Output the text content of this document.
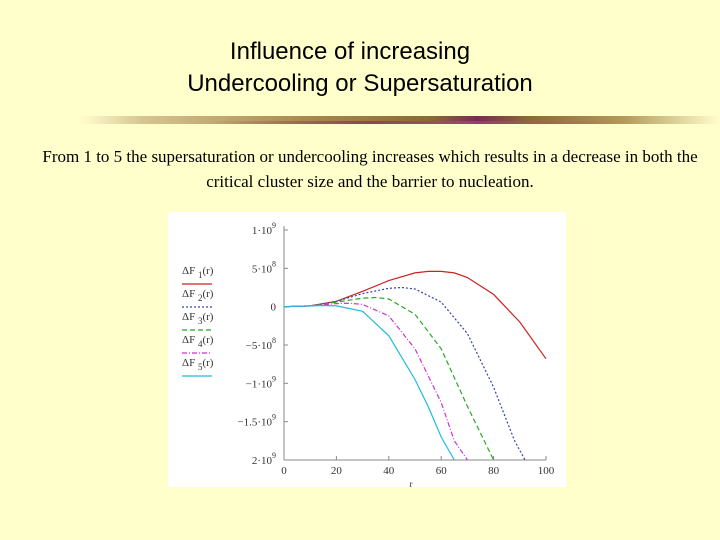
Influence of increasing
Undercooling or Supersaturation
From 1 to 5 the supersaturation or undercooling increases which results in a decrease in both the critical cluster size and the barrier to nucleation.
$1\cdot 10^9$
$5\cdot 10^8$
0
$-5\cdot 10^8$
$-1\cdot 10^9$
$-1.5\cdot 10^9$
$2\cdot 10^9$
0	20	40	60	80	100
r
ΔF $_1$(r)
ΔF $_2$(r)
ΔF $_3$(r)
ΔF $_4$(r)
ΔF $_5$(r)
